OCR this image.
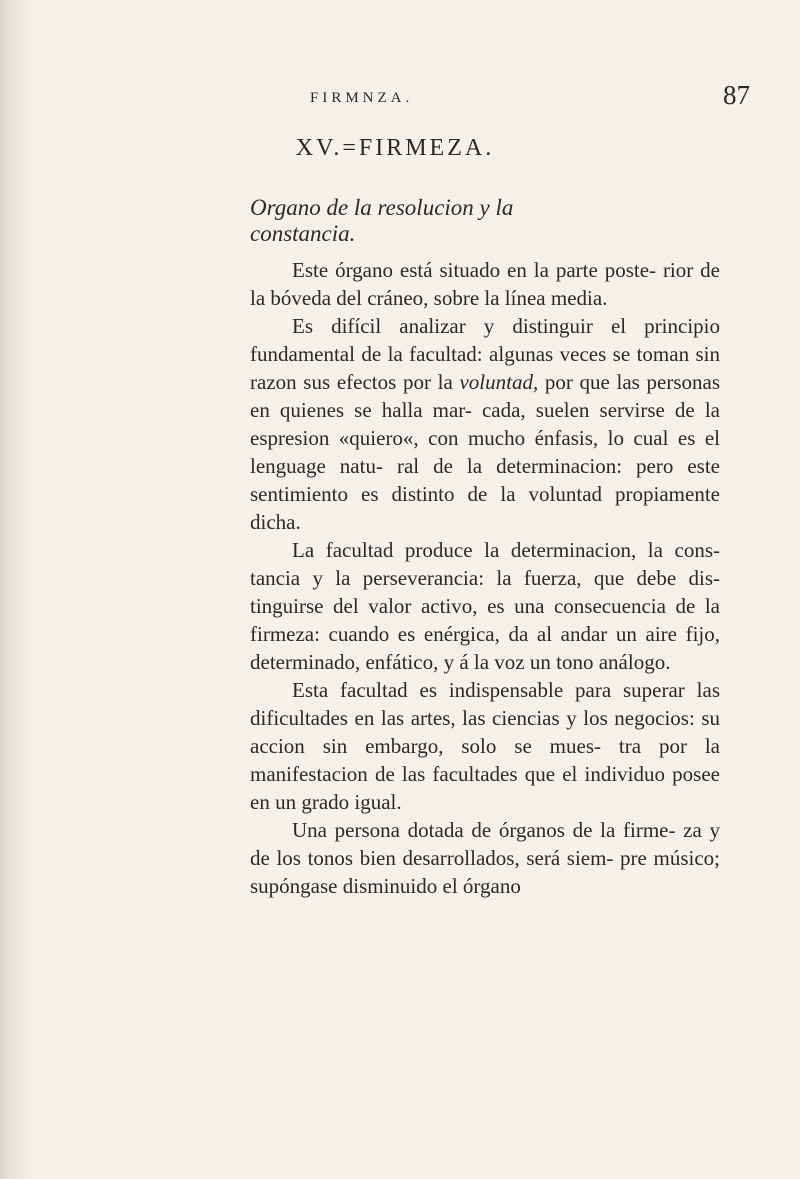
FIRMNZA.	87
XV.=FIRMEZA.
Organo de la resolucion y la constancia.

Este órgano está situado en la parte poste- rior de la bóveda del cráneo, sobre la línea media.

Es difícil analizar y distinguir el principio fundamental de la facultad: algunas veces se toman sin razon sus efectos por la voluntad, por que las personas en quienes se halla mar- cada, suelen servirse de la espresion «quiero«, con mucho énfasis, lo cual es el lenguage natu- ral de la determinacion: pero este sentimiento es distinto de la voluntad propiamente dicha.

La facultad produce la determinacion, la cons- tancia y la perseverancia: la fuerza, que debe dis- tinguirse del valor activo, es una consecuencia de la firmeza: cuando es enérgica, da al andar un aire fijo, determinado, enfático, y á la voz un tono análogo.

Esta facultad es indispensable para superar las dificultades en las artes, las ciencias y los negocios: su accion sin embargo, solo se mues- tra por la manifestacion de las facultades que el individuo posee en un grado igual.

Una persona dotada de órganos de la firme- za y de los tonos bien desarrollados, será siem- pre músico; supóngase disminuido el órgano
